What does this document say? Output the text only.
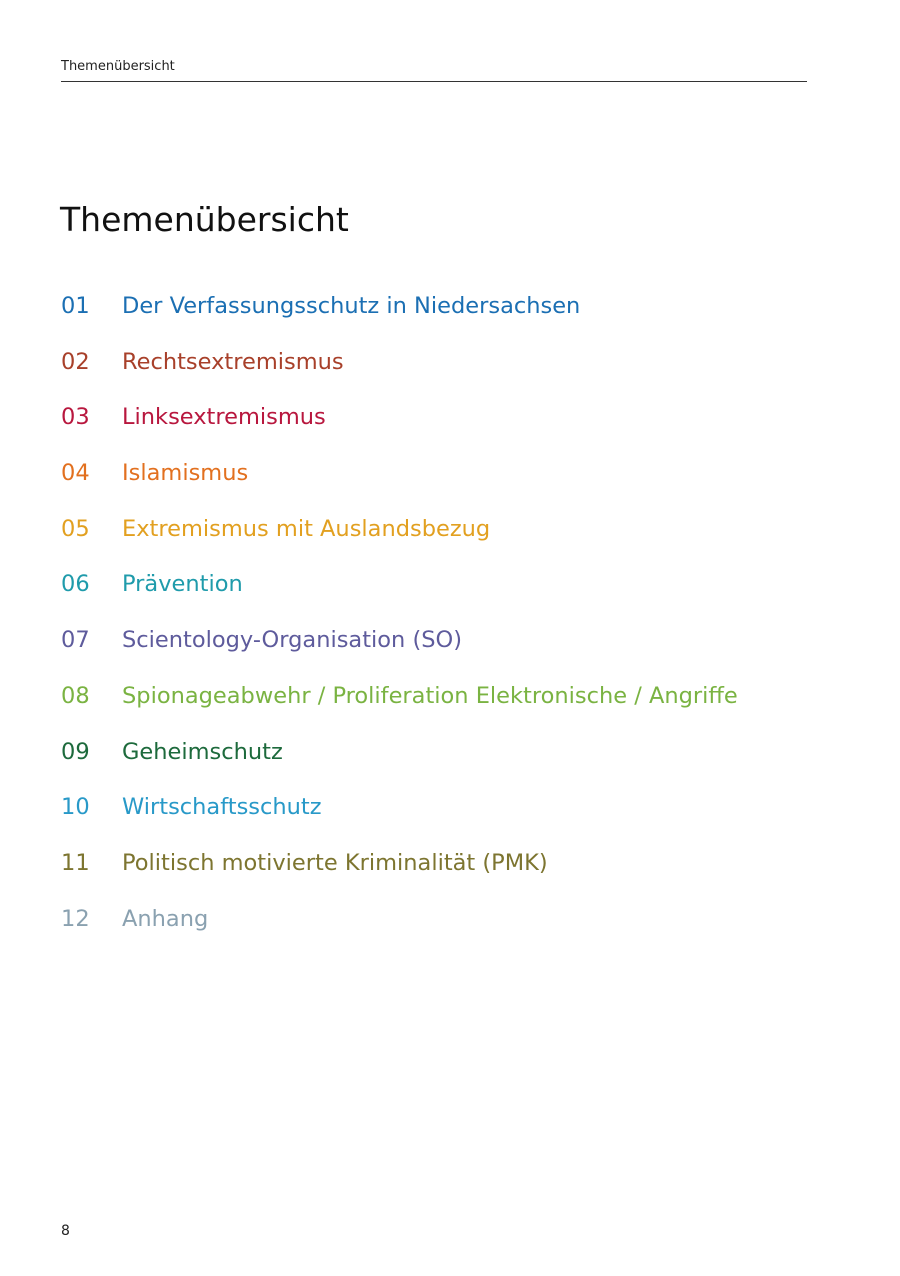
Themenübersicht
Themenübersicht
01	Der Verfassungsschutz in Niedersachsen
02	Rechtsextremismus
03	Linksextremismus
04	Islamismus
05	Extremismus mit Auslandsbezug
06	Prävention
07	Scientology-Organisation (SO)
08	Spionageabwehr / Proliferation Elektronische / Angriffe
09	Geheimschutz
10	Wirtschaftsschutz
11	Politisch motivierte Kriminalität (PMK)
12	Anhang
8
